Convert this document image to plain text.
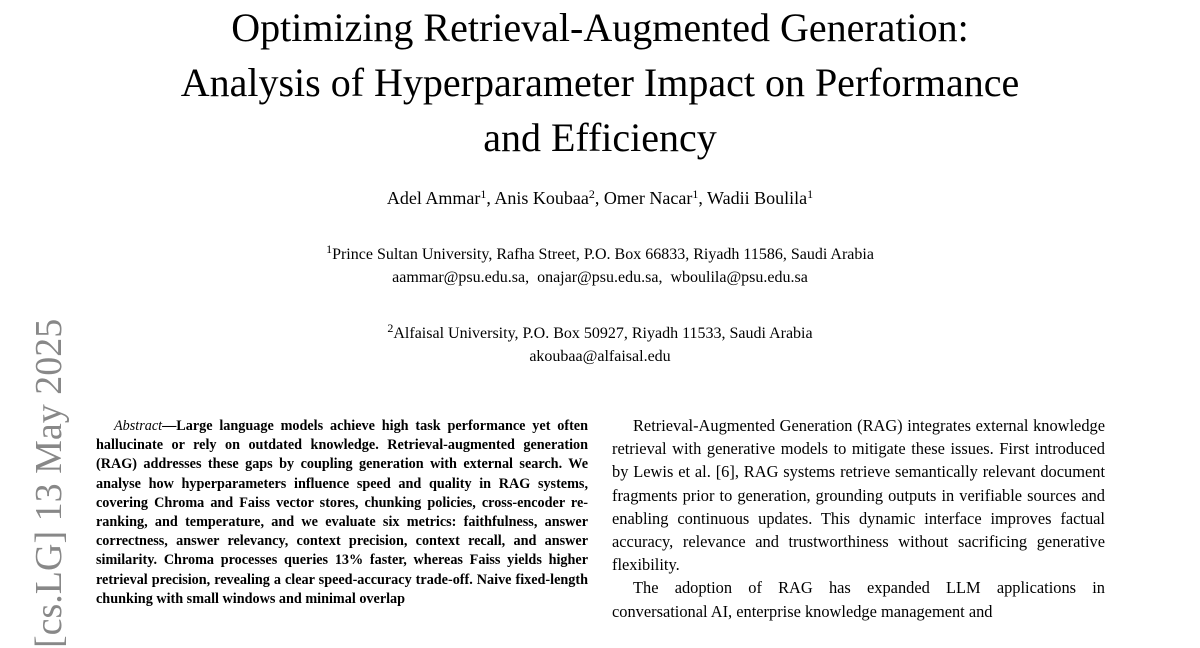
Optimizing Retrieval-Augmented Generation:
Analysis of Hyperparameter Impact on Performance
and Efficiency
Adel Ammar$^1$, Anis Koubaa$^2$, Omer Nacar$^1$, Wadii Boulila$^1$
$^1$Prince Sultan University, Rafha Street, P.O. Box 66833, Riyadh 11586, Saudi Arabia
aammar@psu.edu.sa, onajar@psu.edu.sa, wboulila@psu.edu.sa
$^2$Alfaisal University, P.O. Box 50927, Riyadh 11533, Saudi Arabia
akoubaa@alfaisal.edu
[cs.LG] 13 May 2025	Abstract—Large language models achieve high task performance yet often hallucinate or rely on outdated knowledge. Retrieval-augmented generation (RAG) addresses these gaps by coupling generation with external search. We analyse how hyperparameters influence speed and quality in RAG systems, covering Chroma and Faiss vector stores, chunking policies, cross-encoder re-ranking, and temperature, and we evaluate six metrics: faithfulness, answer correctness, answer relevancy, context precision, context recall, and answer similarity. Chroma processes queries 13% faster, whereas Faiss yields higher retrieval precision, revealing a clear speed-accuracy trade-off. Naive fixed-length chunking with small windows and minimal overlap

Retrieval-Augmented Generation (RAG) integrates external knowledge retrieval with generative models to mitigate these issues. First introduced by Lewis et al. [6], RAG systems retrieve semantically relevant document fragments prior to generation, grounding outputs in verifiable sources and enabling continuous updates. This dynamic interface improves factual accuracy, relevance and trustworthiness without sacrificing generative flexibility.

The adoption of RAG has expanded LLM applications in conversational AI, enterprise knowledge management and
